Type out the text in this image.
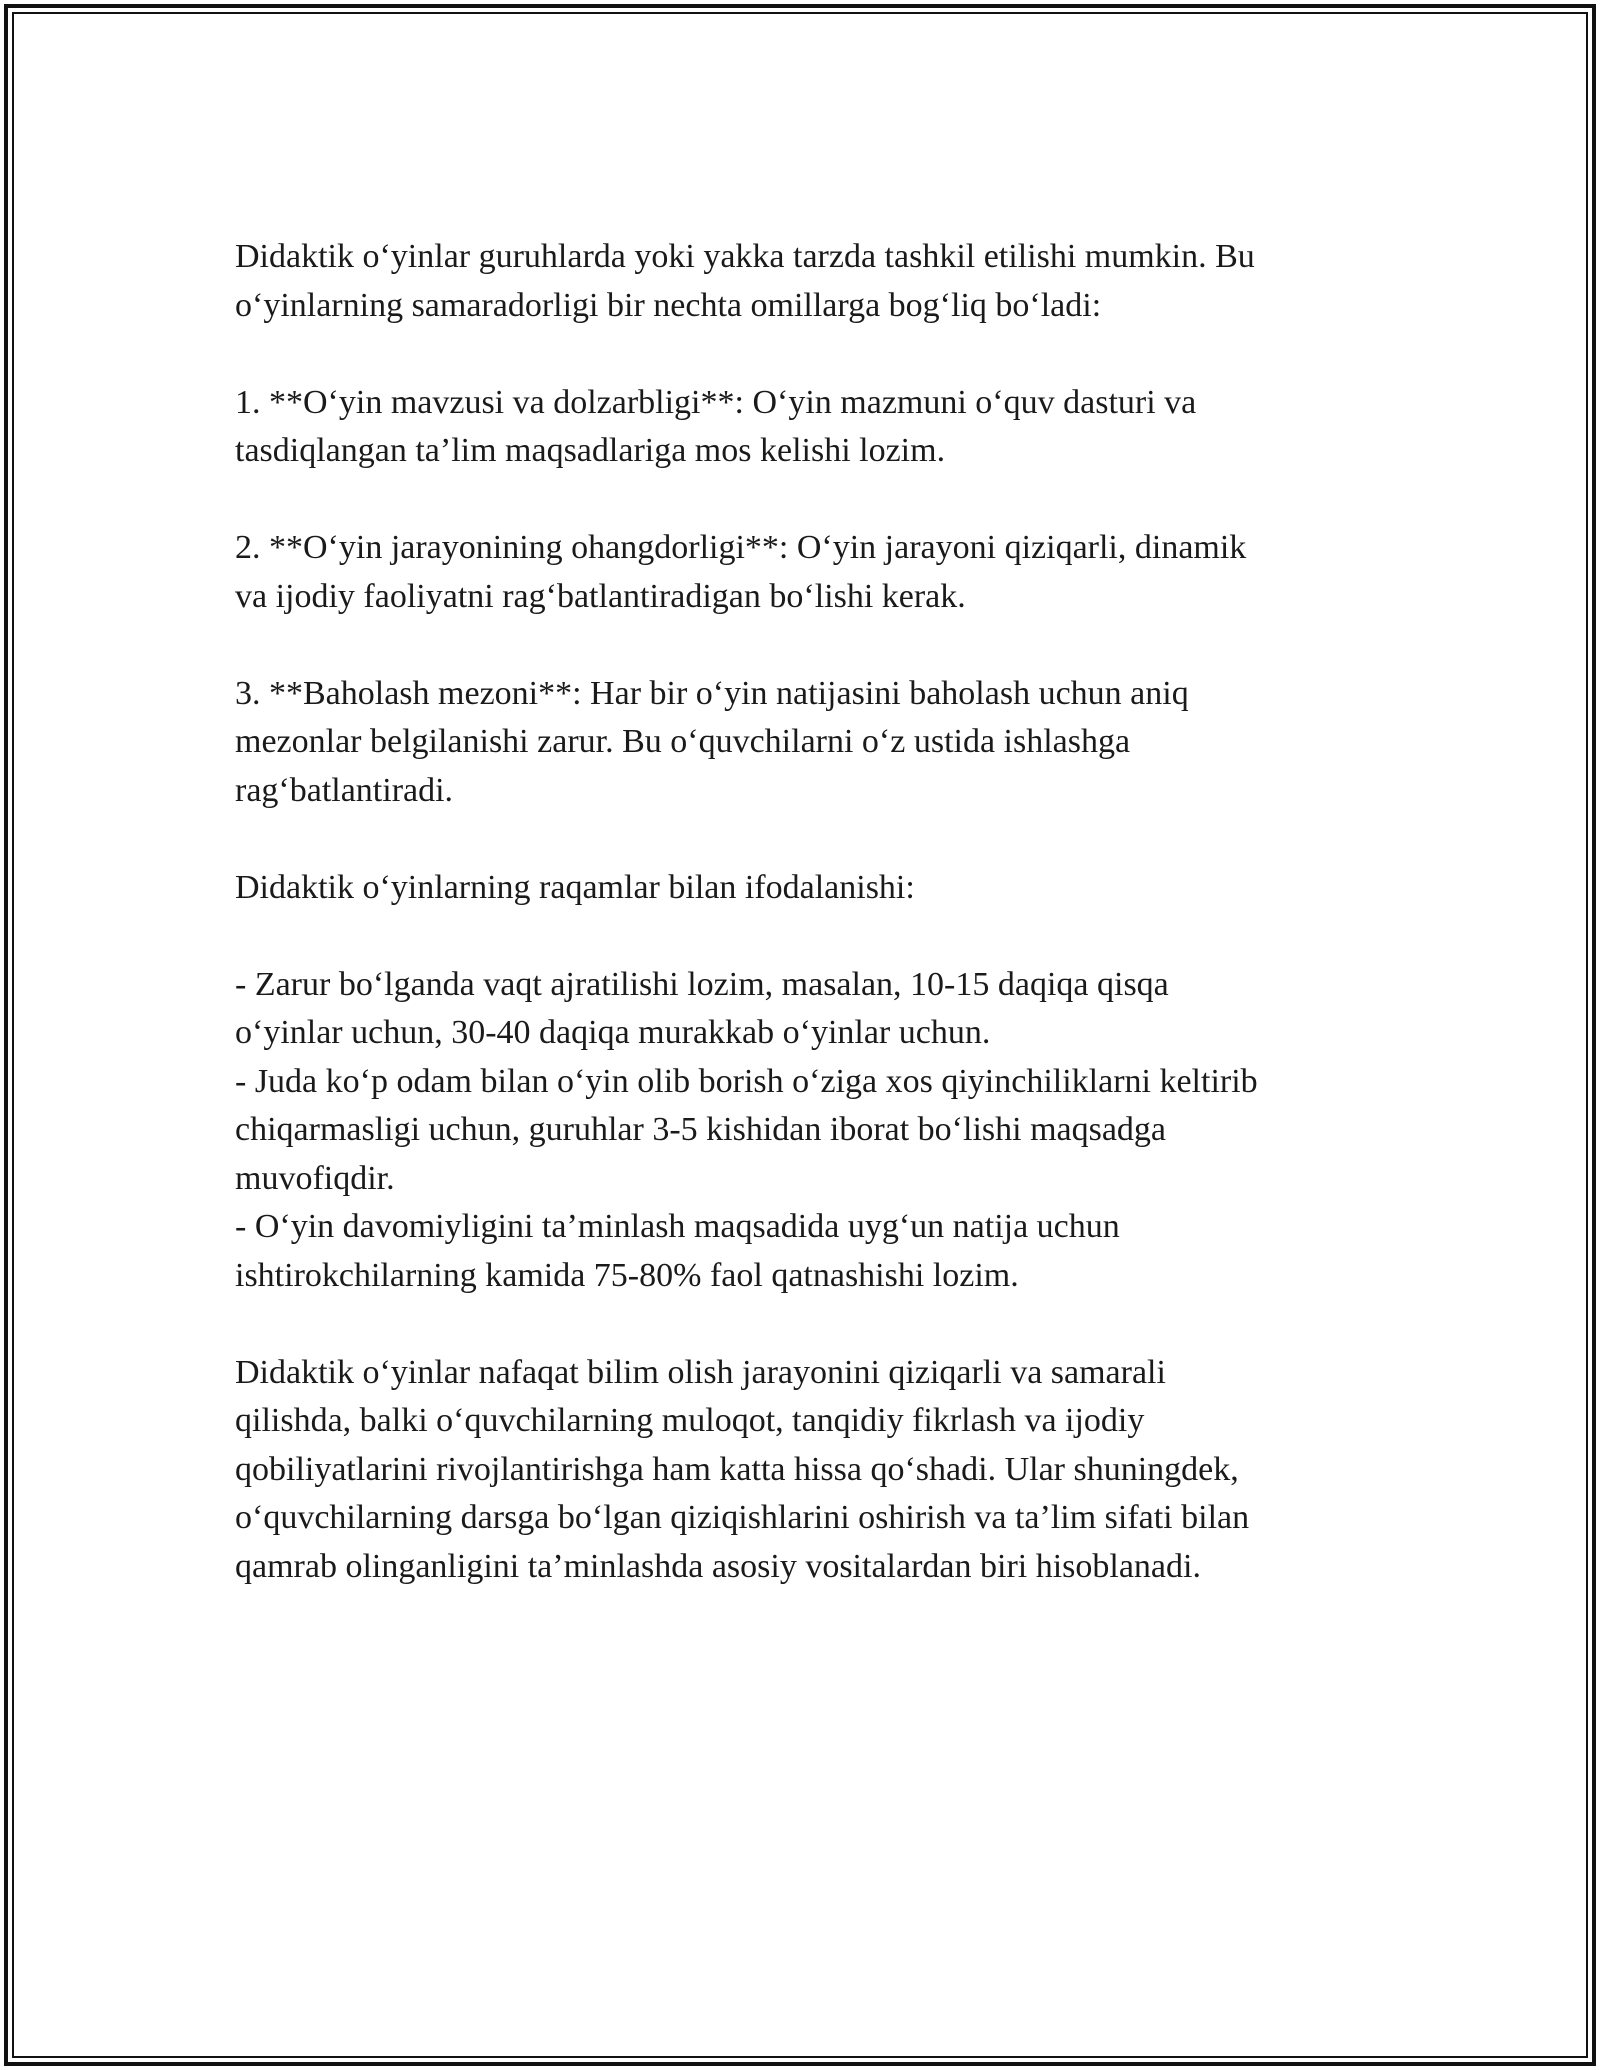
Didaktik o‘yinlar guruhlarda yoki yakka tarzda tashkil etilishi mumkin. Bu
o‘yinlarning samaradorligi bir nechta omillarga bog‘liq bo‘ladi:

1. **O‘yin mavzusi va dolzarbligi**: O‘yin mazmuni o‘quv dasturi va
tasdiqlangan ta’lim maqsadlariga mos kelishi lozim.

2. **O‘yin jarayonining ohangdorligi**: O‘yin jarayoni qiziqarli, dinamik
va ijodiy faoliyatni rag‘batlantiradigan bo‘lishi kerak.

3. **Baholash mezoni**: Har bir o‘yin natijasini baholash uchun aniq
mezonlar belgilanishi zarur. Bu o‘quvchilarni o‘z ustida ishlashga
rag‘batlantiradi.

Didaktik o‘yinlarning raqamlar bilan ifodalanishi:

- Zarur bo‘lganda vaqt ajratilishi lozim, masalan, 10-15 daqiqa qisqa
o‘yinlar uchun, 30-40 daqiqa murakkab o‘yinlar uchun.
- Juda ko‘p odam bilan o‘yin olib borish o‘ziga xos qiyinchiliklarni keltirib
chiqarmasligi uchun, guruhlar 3-5 kishidan iborat bo‘lishi maqsadga
muvofiqdir.
- O‘yin davomiyligini ta’minlash maqsadida uyg‘un natija uchun
ishtirokchilarning kamida 75-80% faol qatnashishi lozim.

Didaktik o‘yinlar nafaqat bilim olish jarayonini qiziqarli va samarali
qilishda, balki o‘quvchilarning muloqot, tanqidiy fikrlash va ijodiy
qobiliyatlarini rivojlantirishga ham katta hissa qo‘shadi. Ular shuningdek,
o‘quvchilarning darsga bo‘lgan qiziqishlarini oshirish va ta’lim sifati bilan
qamrab olinganligini ta’minlashda asosiy vositalardan biri hisoblanadi.
